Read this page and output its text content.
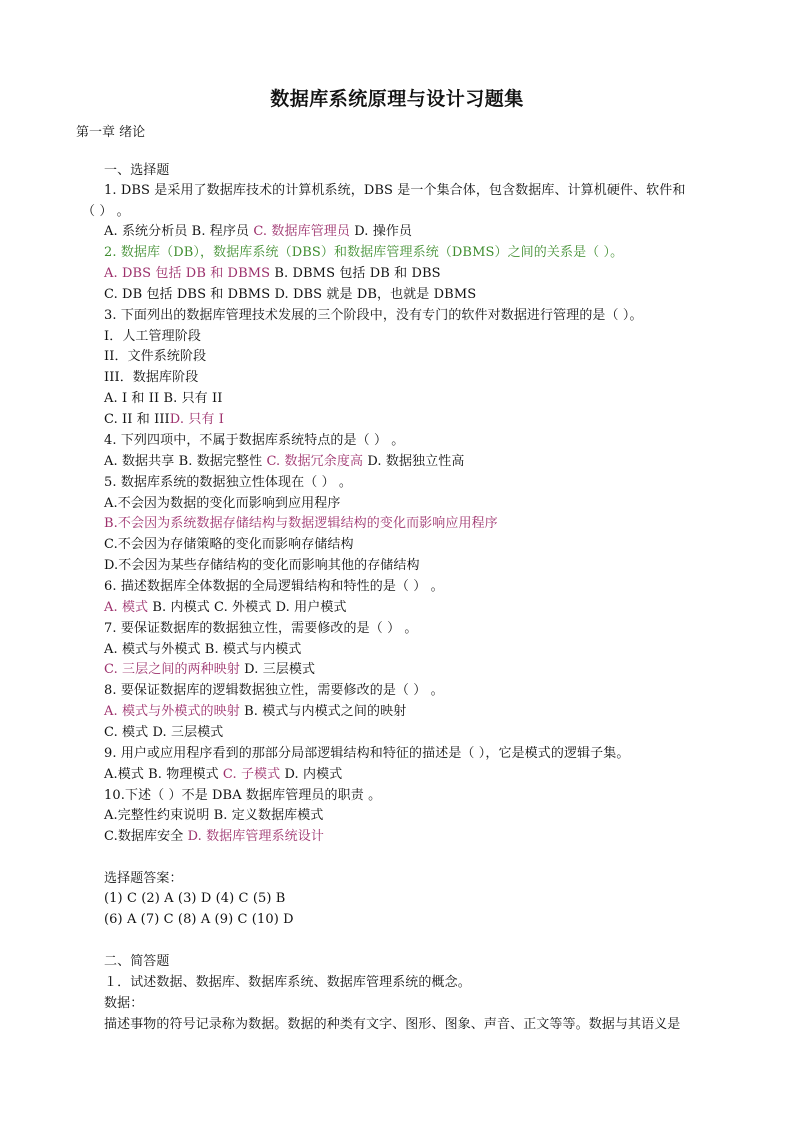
数据库系统原理与设计习题集
第一章 绪论
一、选择题
1. DBS 是采用了数据库技术的计算机系统，DBS 是一个集合体，包含数据库、计算机硬件、软件和
（ ） 。
A. 系统分析员 B. 程序员 C. 数据库管理员 D. 操作员
2. 数据库（DB），数据库系统（DBS）和数据库管理系统（DBMS）之间的关系是（ ）。
A. DBS 包括 DB 和 DBMS B. DBMS 包括 DB 和 DBS
C. DB 包括 DBS 和 DBMS D. DBS 就是 DB，也就是 DBMS
3. 下面列出的数据库管理技术发展的三个阶段中，没有专门的软件对数据进行管理的是（ ）。
I．人工管理阶段
II．文件系统阶段
III．数据库阶段
A. I 和 II B. 只有 II
C. II 和 IIID. 只有 I
4. 下列四项中，不属于数据库系统特点的是（ ） 。
A. 数据共享 B. 数据完整性 C. 数据冗余度高 D. 数据独立性高
5. 数据库系统的数据独立性体现在（ ） 。
A.不会因为数据的变化而影响到应用程序
B.不会因为系统数据存储结构与数据逻辑结构的变化而影响应用程序
C.不会因为存储策略的变化而影响存储结构
D.不会因为某些存储结构的变化而影响其他的存储结构
6. 描述数据库全体数据的全局逻辑结构和特性的是（ ） 。
A. 模式 B. 内模式 C. 外模式 D. 用户模式
7. 要保证数据库的数据独立性，需要修改的是（ ） 。
A. 模式与外模式 B. 模式与内模式
C. 三层之间的两种映射 D. 三层模式
8. 要保证数据库的逻辑数据独立性，需要修改的是（ ） 。
A. 模式与外模式的映射 B. 模式与内模式之间的映射
C. 模式 D. 三层模式
9. 用户或应用程序看到的那部分局部逻辑结构和特征的描述是（ ），它是模式的逻辑子集。
A.模式 B. 物理模式 C. 子模式 D. 内模式
10.下述（ ）不是 DBA 数据库管理员的职责 。
A.完整性约束说明 B. 定义数据库模式
C.数据库安全 D. 数据库管理系统设计
选择题答案：
(1) C (2) A (3) D (4) C (5) B
(6) A (7) C (8) A (9) C (10) D
二、简答题
１．试述数据、数据库、数据库系统、数据库管理系统的概念。
数据：
描述事物的符号记录称为数据。数据的种类有文字、图形、图象、声音、正文等等。数据与其语义是
